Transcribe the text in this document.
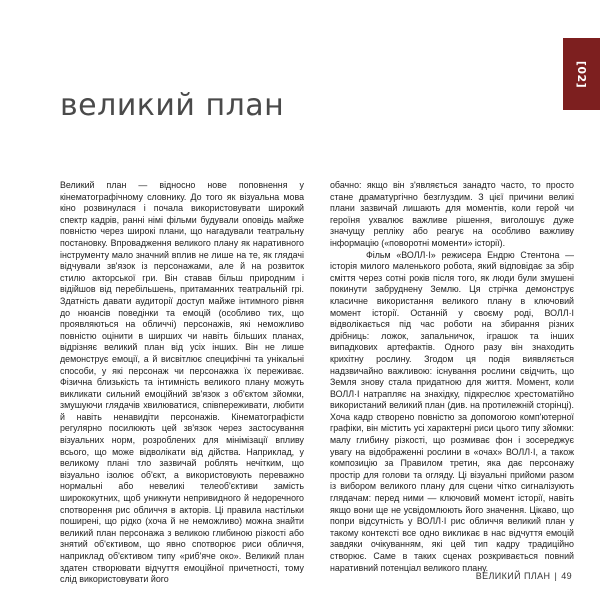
[02]
великий план

Великий план — відносно нове поповнення у кінематографічному словнику. До того як візуальна мова кіно розвинулася і почала використовувати широкий спектр кадрів, ранні німі фільми будували оповідь майже повністю через широкі плани, що нагадували театральну постановку. Впровадження великого плану як наративного інструменту мало значний вплив не лише на те, як глядачі відчували зв'язок із персонажами, але й на розвиток стилю акторської гри. Він ставав більш природним і відійшов від перебільшень, притаманних театральній грі. Здатність давати аудиторії доступ майже інтимного рівня до нюансів поведінки та емоцій (особливо тих, що проявляються на обличчі) персонажів, які неможливо повністю оцінити в ширших чи навіть більших планах, відрізняє великий план від усіх інших. Він не лише демонструє емоції, а й висвітлює специфічні та унікальні способи, у які персонаж чи персонажка їх переживає. Фізична близькість та інтимність великого плану можуть викликати сильний емоційний зв'язок з об'єктом зйомки, змушуючи глядачів хвилюватися, співпереживати, любити й навіть ненавидіти персонажів. Кінематографісти регулярно посилюють цей зв'язок через застосування візуальних норм, розроблених для мінімізації впливу всього, що може відволікати від дійства. Наприклад, у великому плані тло зазвичай роблять нечітким, що візуально ізолює об'єкт, а використовують переважно нормальні або невеликі телеоб'єктиви замість ширококутних, щоб уникнути непривидного й недоречного спотворення рис обличчя в акторів. Ці правила настільки поширені, що рідко (хоча й не неможливо) можна знайти великий план персонажа з великою глибиною різкості або знятий об'єктивом, що явно спотворює риси обличчя, наприклад об'єктивом типу «риб'яче око». Великий план здатен створювати відчуття емоційної причетності, тому слід використовувати його

обачно: якщо він з'являється занадто часто, то просто стане драматургічно безглуздим. З цієї причини великі плани зазвичай лишають для моментів, коли герой чи героїня ухвалює важливе рішення, виголошує дуже значущу репліку або реагує на особливо важливу інформацію («поворотні моменти» історії).

Фільм «ВОЛЛ·І» режисера Ендрю Стентона — історія милого маленького робота, який відповідає за збір сміття через сотні років після того, як люди були змушені покинути забруднену Землю. Ця стрічка демонструє класичне використання великого плану в ключовий момент історії. Останній у своєму роді, ВОЛЛ·І відволікається під час роботи на збирання різних дрібниць: ложок, запальничок, іграшок та інших випадкових артефактів. Одного разу він знаходить крихітну рослину. Згодом ця подія виявляється надзвичайно важливою: існування рослини свідчить, що Земля знову стала придатною для життя. Момент, коли ВОЛЛ·І натрапляє на знахідку, підкреслює хрестоматійно використаний великий план (див. на протилежній сторінці). Хоча кадр створено повністю за допомогою комп'ютерної графіки, він містить усі характерні риси цього типу зйомки: малу глибину різкості, що розмиває фон і зосереджує увагу на відображенні рослини в «очах» ВОЛЛ·І, а також композицію за Правилом третин, яка дає персонажу простір для голови та огляду. Ці візуальні прийоми разом із вибором великого плану для сцени чітко сигналізують глядачам: перед ними — ключовий момент історії, навіть якщо вони ще не усвідомлюють його значення. Цікаво, що попри відсутність у ВОЛЛ·І рис обличчя великий план у такому контексті все одно викликає в нас відчуття емоцій завдяки очікуванням, які цей тип кадру традиційно створює. Саме в таких сценах розкривається повний наративний потенціал великого плану.

ВЕЛИКИЙ ПЛАН | 49
